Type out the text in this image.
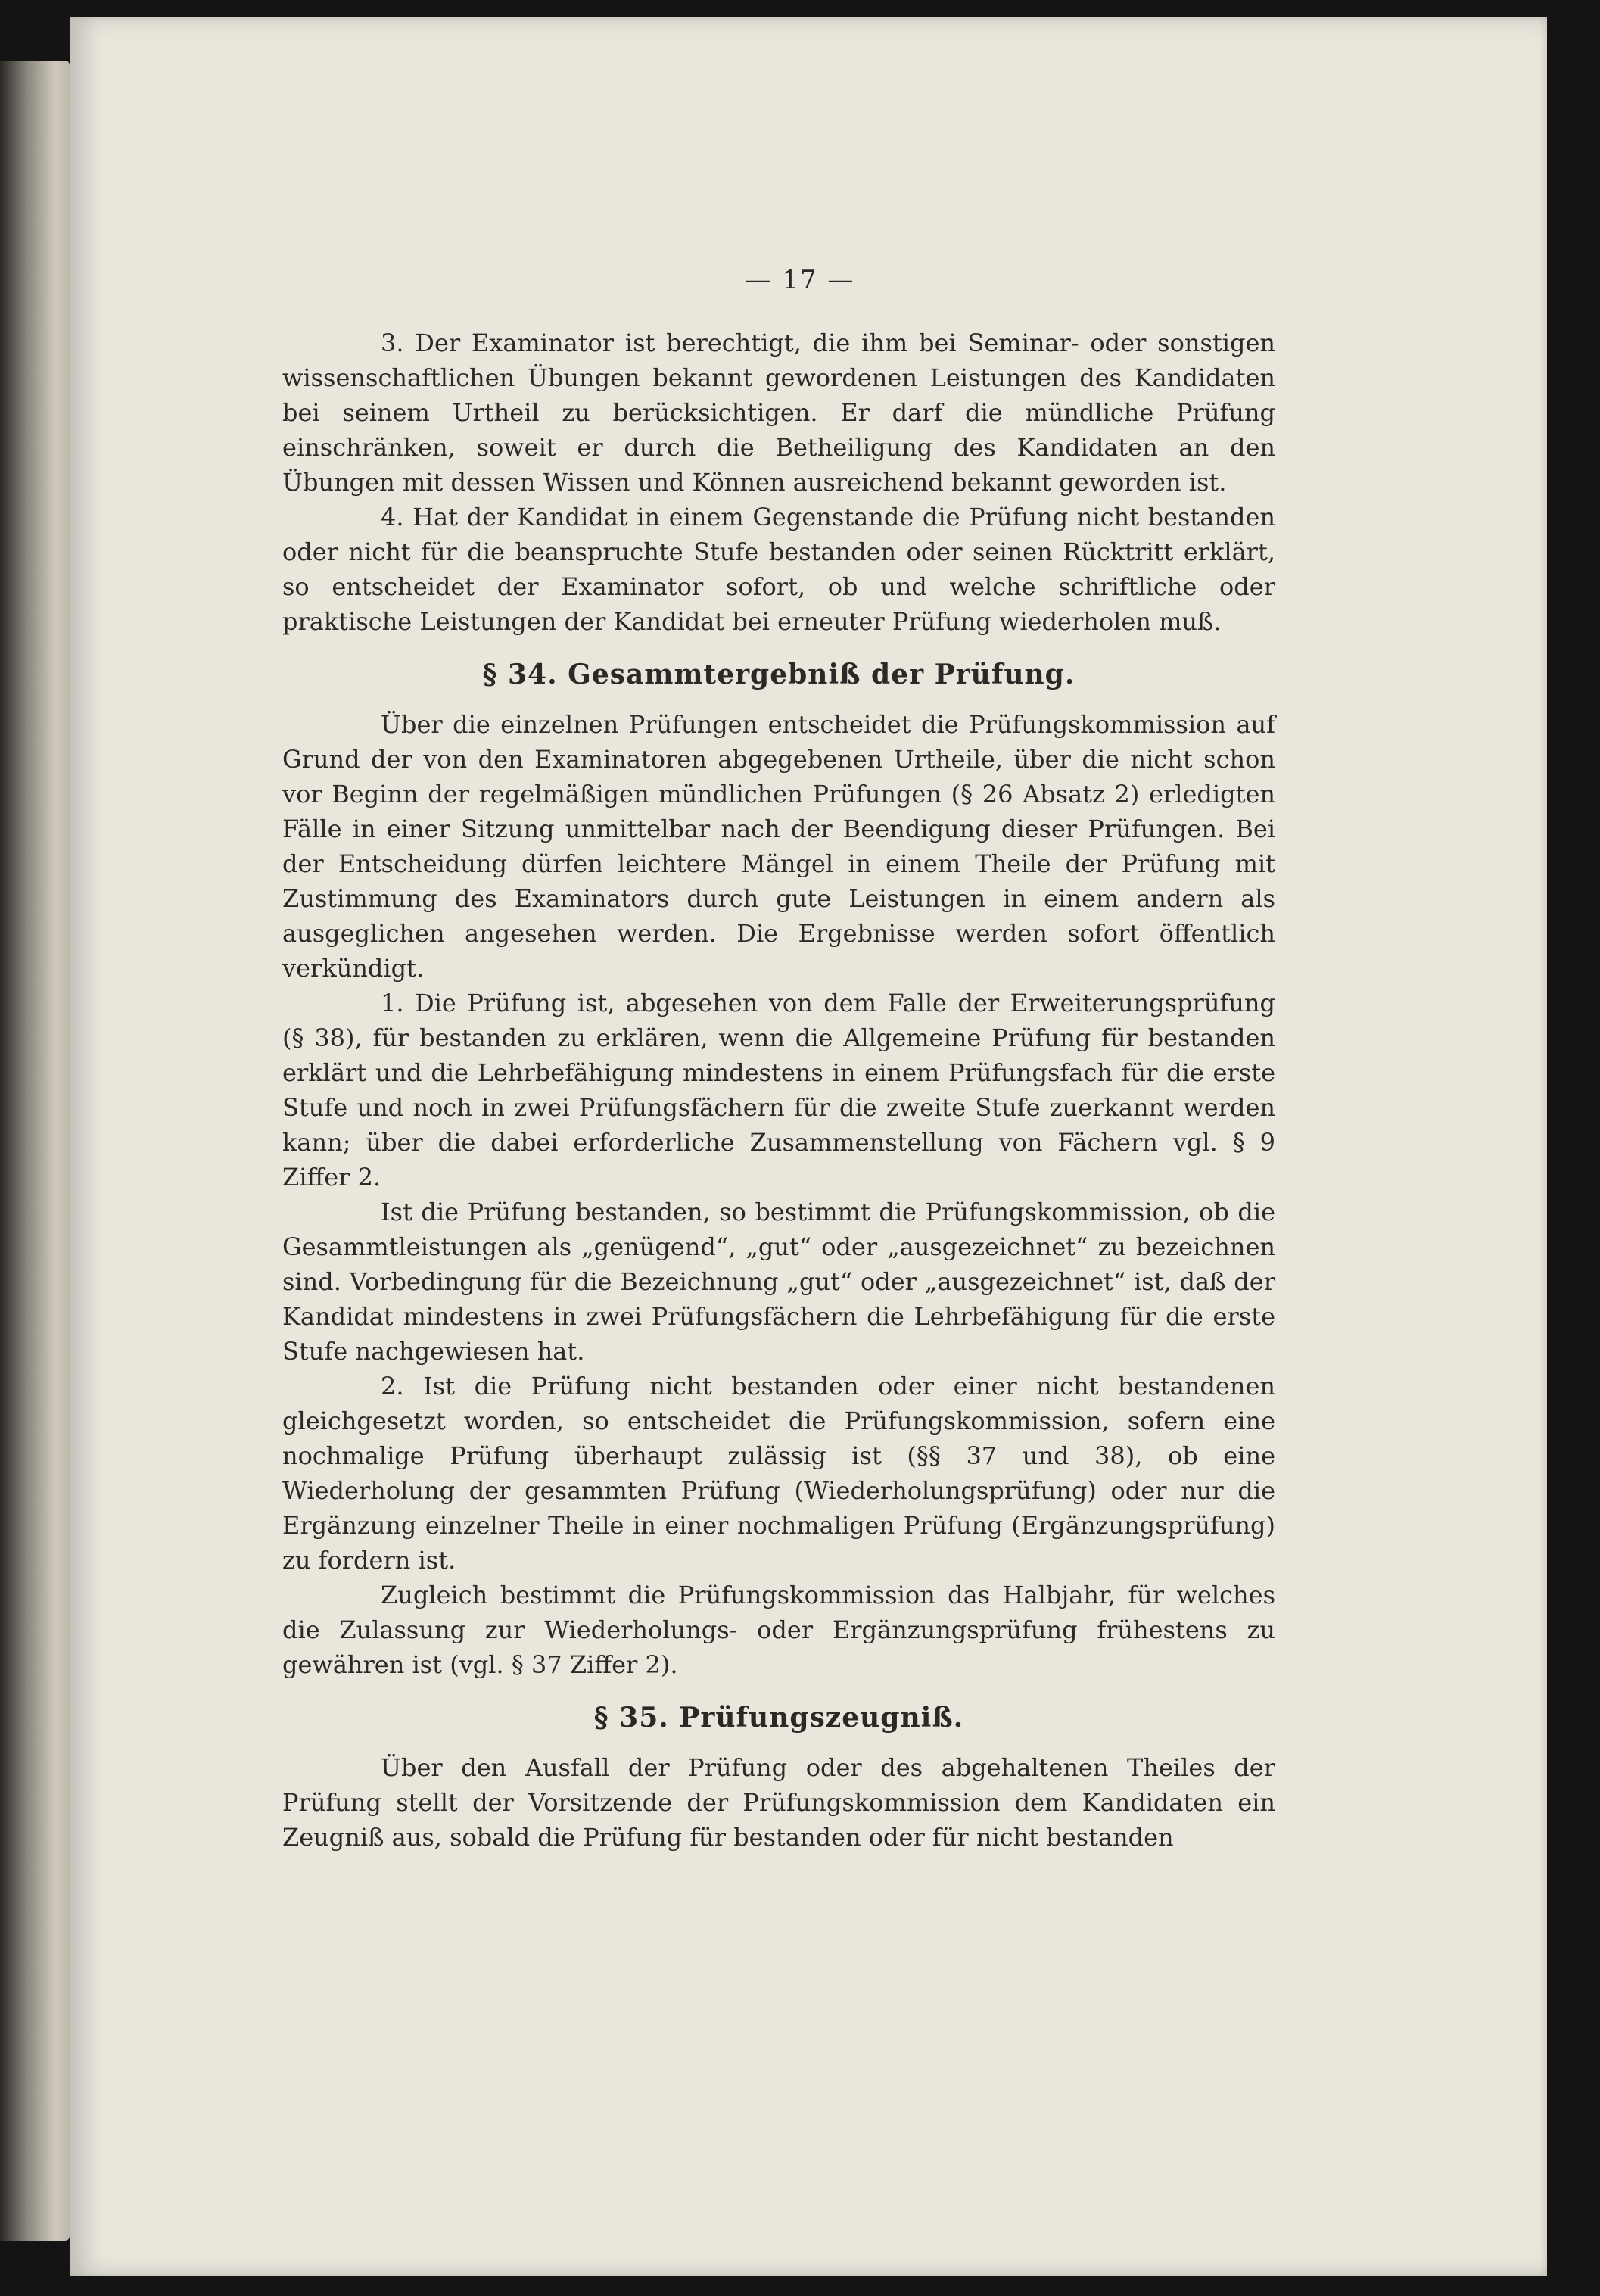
— 17 —

3. Der Examinator ist berechtigt, die ihm bei Seminar- oder sonstigen wissenschaftlichen Übungen bekannt gewordenen Leistungen des Kandidaten bei seinem Urtheil zu berücksichtigen. Er darf die mündliche Prüfung einschränken, soweit er durch die Betheiligung des Kandidaten an den Übungen mit dessen Wissen und Können ausreichend bekannt geworden ist.

4. Hat der Kandidat in einem Gegenstande die Prüfung nicht bestanden oder nicht für die beanspruchte Stufe bestanden oder seinen Rücktritt erklärt, so entscheidet der Examinator sofort, ob und welche schriftliche oder praktische Leistungen der Kandidat bei erneuter Prüfung wiederholen muß.

§ 34. Gesammtergebniß der Prüfung.

Über die einzelnen Prüfungen entscheidet die Prüfungskommission auf Grund der von den Examinatoren abgegebenen Urtheile, über die nicht schon vor Beginn der regelmäßigen mündlichen Prüfungen (§ 26 Absatz 2) erledigten Fälle in einer Sitzung unmittelbar nach der Beendigung dieser Prüfungen. Bei der Entscheidung dürfen leichtere Mängel in einem Theile der Prüfung mit Zustimmung des Examinators durch gute Leistungen in einem andern als ausgeglichen angesehen werden. Die Ergebnisse werden sofort öffentlich verkündigt.

1. Die Prüfung ist, abgesehen von dem Falle der Erweiterungsprüfung (§ 38), für bestanden zu erklären, wenn die Allgemeine Prüfung für bestanden erklärt und die Lehrbefähigung mindestens in einem Prüfungsfach für die erste Stufe und noch in zwei Prüfungsfächern für die zweite Stufe zuerkannt werden kann; über die dabei erforderliche Zusammenstellung von Fächern vgl. § 9 Ziffer 2.

Ist die Prüfung bestanden, so bestimmt die Prüfungskommission, ob die Gesammtleistungen als „genügend“, „gut“ oder „ausgezeichnet“ zu bezeichnen sind. Vorbedingung für die Bezeichnung „gut“ oder „ausgezeichnet“ ist, daß der Kandidat mindestens in zwei Prüfungsfächern die Lehrbefähigung für die erste Stufe nachgewiesen hat.

2. Ist die Prüfung nicht bestanden oder einer nicht bestandenen gleichgesetzt worden, so entscheidet die Prüfungskommission, sofern eine nochmalige Prüfung überhaupt zulässig ist (§§ 37 und 38), ob eine Wiederholung der gesammten Prüfung (Wiederholungsprüfung) oder nur die Ergänzung einzelner Theile in einer nochmaligen Prüfung (Ergänzungsprüfung) zu fordern ist.

Zugleich bestimmt die Prüfungskommission das Halbjahr, für welches die Zulassung zur Wiederholungs- oder Ergänzungsprüfung frühestens zu gewähren ist (vgl. § 37 Ziffer 2).

§ 35. Prüfungszeugniß.

Über den Ausfall der Prüfung oder des abgehaltenen Theiles der Prüfung stellt der Vorsitzende der Prüfungskommission dem Kandidaten ein Zeugniß aus, sobald die Prüfung für bestanden oder für nicht bestanden
